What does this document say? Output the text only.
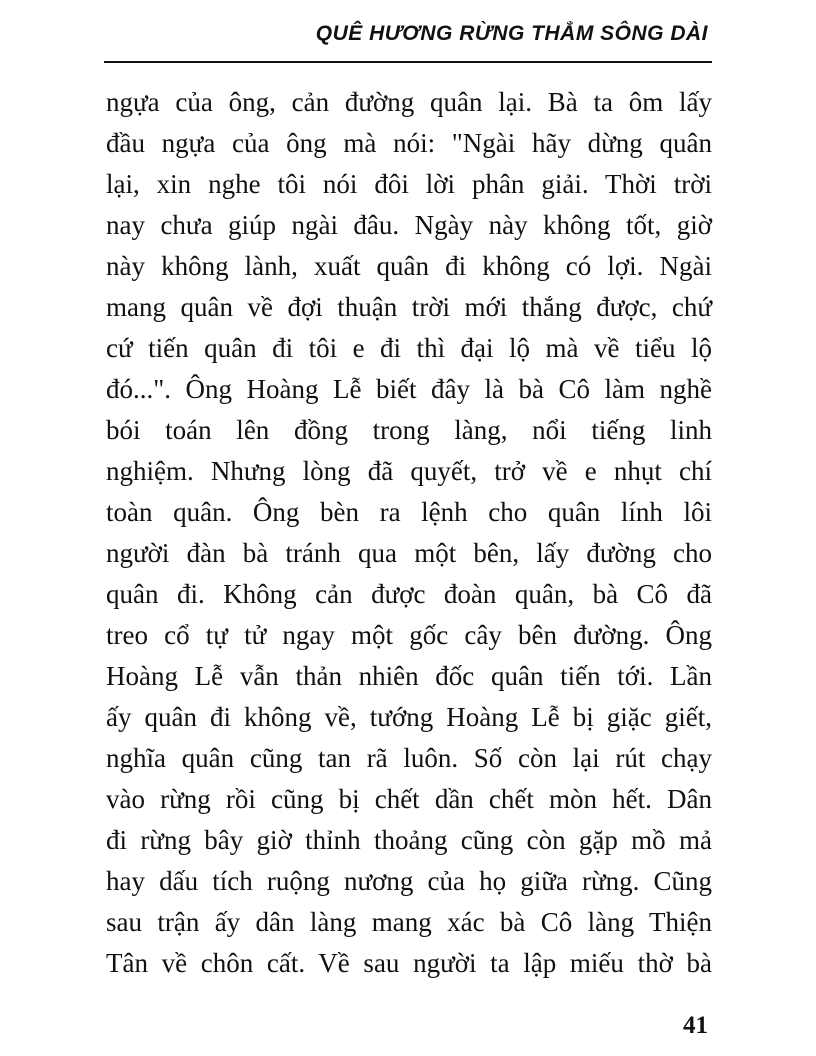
QUÊ HƯƠNG RỪNG THẲM SÔNG DÀI
ngựa của ông, cản đường quân lại. Bà ta ôm lấy
đầu ngựa của ông mà nói: "Ngài hãy dừng quân
lại, xin nghe tôi nói đôi lời phân giải. Thời trời
nay chưa giúp ngài đâu. Ngày này không tốt, giờ
này không lành, xuất quân đi không có lợi. Ngài
mang quân về đợi thuận trời mới thắng được, chứ
cứ tiến quân đi tôi e đi thì đại lộ mà về tiểu lộ
đó...". Ông Hoàng Lễ biết đây là bà Cô làm nghề
bói toán lên đồng trong làng, nổi tiếng linh
nghiệm. Nhưng lòng đã quyết, trở về e nhụt chí
toàn quân. Ông bèn ra lệnh cho quân lính lôi
người đàn bà tránh qua một bên, lấy đường cho
quân đi. Không cản được đoàn quân, bà Cô đã
treo cổ tự tử ngay một gốc cây bên đường. Ông
Hoàng Lễ vẫn thản nhiên đốc quân tiến tới. Lần
ấy quân đi không về, tướng Hoàng Lễ bị giặc giết,
nghĩa quân cũng tan rã luôn. Số còn lại rút chạy
vào rừng rồi cũng bị chết dần chết mòn hết. Dân
đi rừng bây giờ thỉnh thoảng cũng còn gặp mồ mả
hay dấu tích ruộng nương của họ giữa rừng. Cũng
sau trận ấy dân làng mang xác bà Cô làng Thiện
Tân về chôn cất. Về sau người ta lập miếu thờ bà
41
